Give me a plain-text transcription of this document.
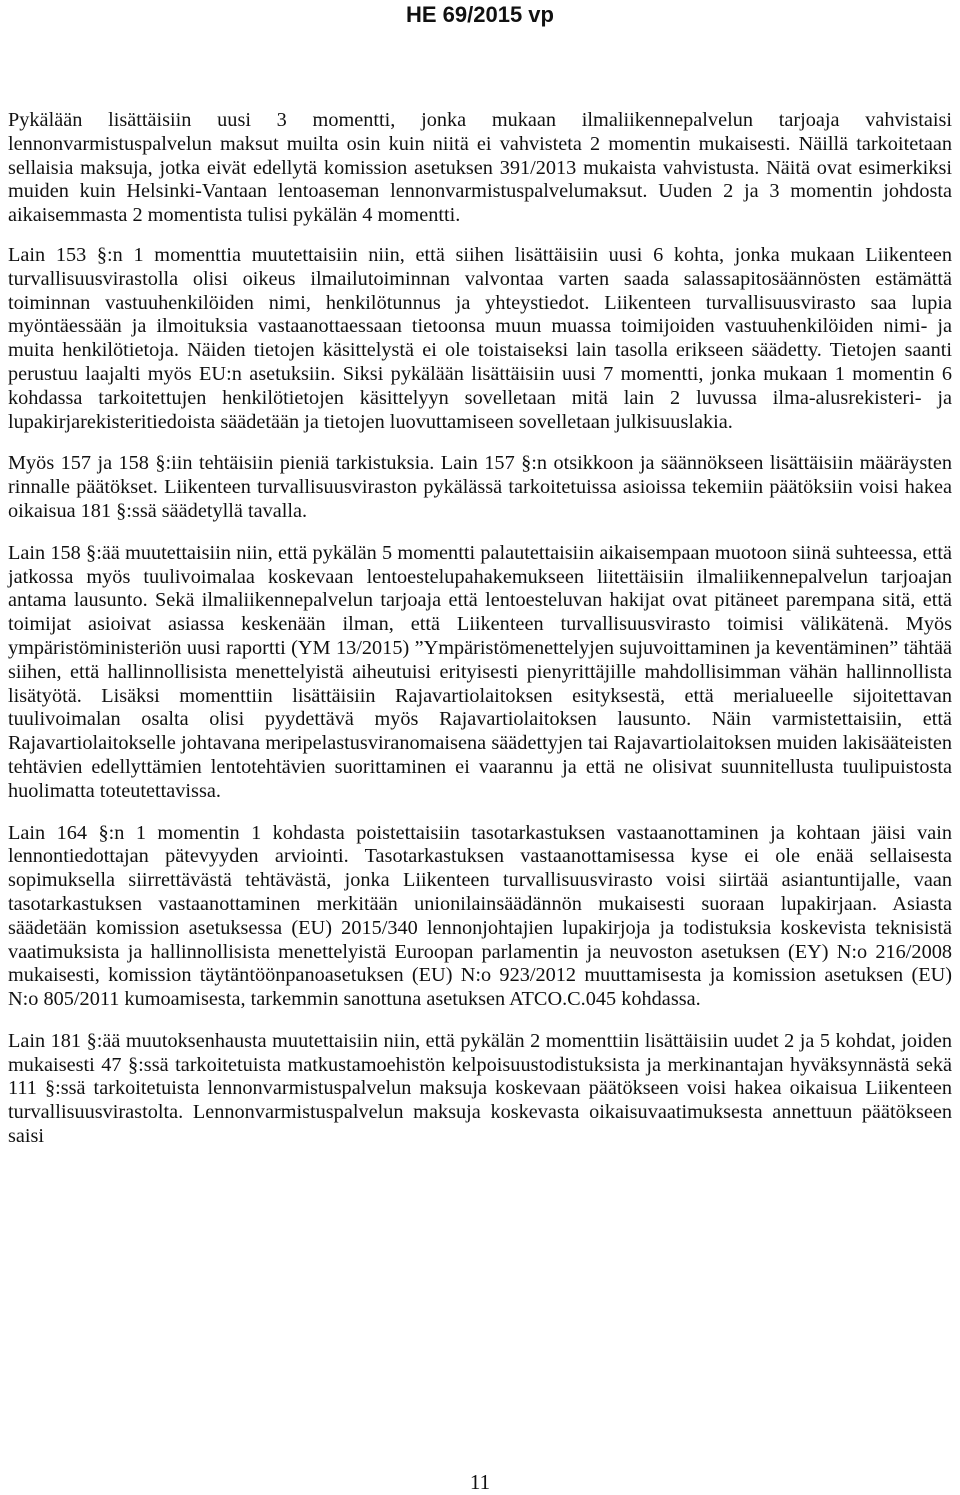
HE 69/2015 vp

Pykälään lisättäisiin uusi 3 momentti, jonka mukaan ilmaliikennepalvelun tarjoaja vahvistaisi lennonvarmistuspalvelun maksut muilta osin kuin niitä ei vahvisteta 2 momentin mukaisesti. Näillä tarkoitetaan sellaisia maksuja, jotka eivät edellytä komission asetuksen 391/2013 mukaista vahvistusta. Näitä ovat esimerkiksi muiden kuin Helsinki-Vantaan lentoaseman lennonvarmistuspalvelumaksut. Uuden 2 ja 3 momentin johdosta aikaisemmasta 2 momentista tulisi pykälän 4 momentti.

Lain 153 §:n 1 momenttia muutettaisiin niin, että siihen lisättäisiin uusi 6 kohta, jonka mukaan Liikenteen turvallisuusvirastolla olisi oikeus ilmailutoiminnan valvontaa varten saada salassapitosäännösten estämättä toiminnan vastuuhenkilöiden nimi, henkilötunnus ja yhteystiedot. Liikenteen turvallisuusvirasto saa lupia myöntäessään ja ilmoituksia vastaanottaessaan tietoonsa muun muassa toimijoiden vastuuhenkilöiden nimi- ja muita henkilötietoja. Näiden tietojen käsittelystä ei ole toistaiseksi lain tasolla erikseen säädetty. Tietojen saanti perustuu laajalti myös EU:n asetuksiin. Siksi pykälään lisättäisiin uusi 7 momentti, jonka mukaan 1 momentin 6 kohdassa tarkoitettujen henkilötietojen käsittelyyn sovelletaan mitä lain 2 luvussa ilma-alusrekisteri- ja lupakirjarekisteritiedoista säädetään ja tietojen luovuttamiseen sovelletaan julkisuuslakia.

Myös 157 ja 158 §:iin tehtäisiin pieniä tarkistuksia. Lain 157 §:n otsikkoon ja säännökseen lisättäisiin määräysten rinnalle päätökset. Liikenteen turvallisuusviraston pykälässä tarkoitetuissa asioissa tekemiin päätöksiin voisi hakea oikaisua 181 §:ssä säädetyllä tavalla.

Lain 158 §:ää muutettaisiin niin, että pykälän 5 momentti palautettaisiin aikaisempaan muotoon siinä suhteessa, että jatkossa myös tuulivoimalaa koskevaan lentoestelupahakemukseen liitettäisiin ilmaliikennepalvelun tarjoajan antama lausunto. Sekä ilmaliikennepalvelun tarjoaja että lentoesteluvan hakijat ovat pitäneet parempana sitä, että toimijat asioivat asiassa keskenään ilman, että Liikenteen turvallisuusvirasto toimisi välikätenä. Myös ympäristöministeriön uusi raportti (YM 13/2015) ”Ympäristömenettelyjen sujuvoittaminen ja keventäminen” tähtää siihen, että hallinnollisista menettelyistä aiheutuisi erityisesti pienyrittäjille mahdollisimman vähän hallinnollista lisätyötä. Lisäksi momenttiin lisättäisiin Rajavartiolaitoksen esityksestä, että merialueelle sijoitettavan tuulivoimalan osalta olisi pyydettävä myös Rajavartiolaitoksen lausunto. Näin varmistettaisiin, että Rajavartiolaitokselle johtavana meripelastusviranomaisena säädettyjen tai Rajavartiolaitoksen muiden lakisääteisten tehtävien edellyttämien lentotehtävien suorittaminen ei vaarannu ja että ne olisivat suunnitellusta tuulipuistosta huolimatta toteutettavissa.

Lain 164 §:n 1 momentin 1 kohdasta poistettaisiin tasotarkastuksen vastaanottaminen ja kohtaan jäisi vain lennontiedottajan pätevyyden arviointi. Tasotarkastuksen vastaanottamisessa kyse ei ole enää sellaisesta sopimuksella siirrettävästä tehtävästä, jonka Liikenteen turvallisuusvirasto voisi siirtää asiantuntijalle, vaan tasotarkastuksen vastaanottaminen merkitään unionilainsäädännön mukaisesti suoraan lupakirjaan. Asiasta säädetään komission asetuksessa (EU) 2015/340 lennonjohtajien lupakirjoja ja todistuksia koskevista teknisistä vaatimuksista ja hallinnollisista menettelyistä Euroopan parlamentin ja neuvoston asetuksen (EY) N:o 216/2008 mukaisesti, komission täytäntöönpanoasetuksen (EU) N:o 923/2012 muuttamisesta ja komission asetuksen (EU) N:o 805/2011 kumoamisesta, tarkemmin sanottuna asetuksen ATCO.C.045 kohdassa.

Lain 181 §:ää muutoksenhausta muutettaisiin niin, että pykälän 2 momenttiin lisättäisiin uudet 2 ja 5 kohdat, joiden mukaisesti 47 §:ssä tarkoitetuista matkustamoehistön kelpoisuustodistuksista ja merkinantajan hyväksynnästä sekä 111 §:ssä tarkoitetuista lennonvarmistuspalvelun maksuja koskevaan päätökseen voisi hakea oikaisua Liikenteen turvallisuusvirastolta. Lennonvarmistuspalvelun maksuja koskevasta oikaisuvaatimuksesta annettuun päätökseen saisi

11
